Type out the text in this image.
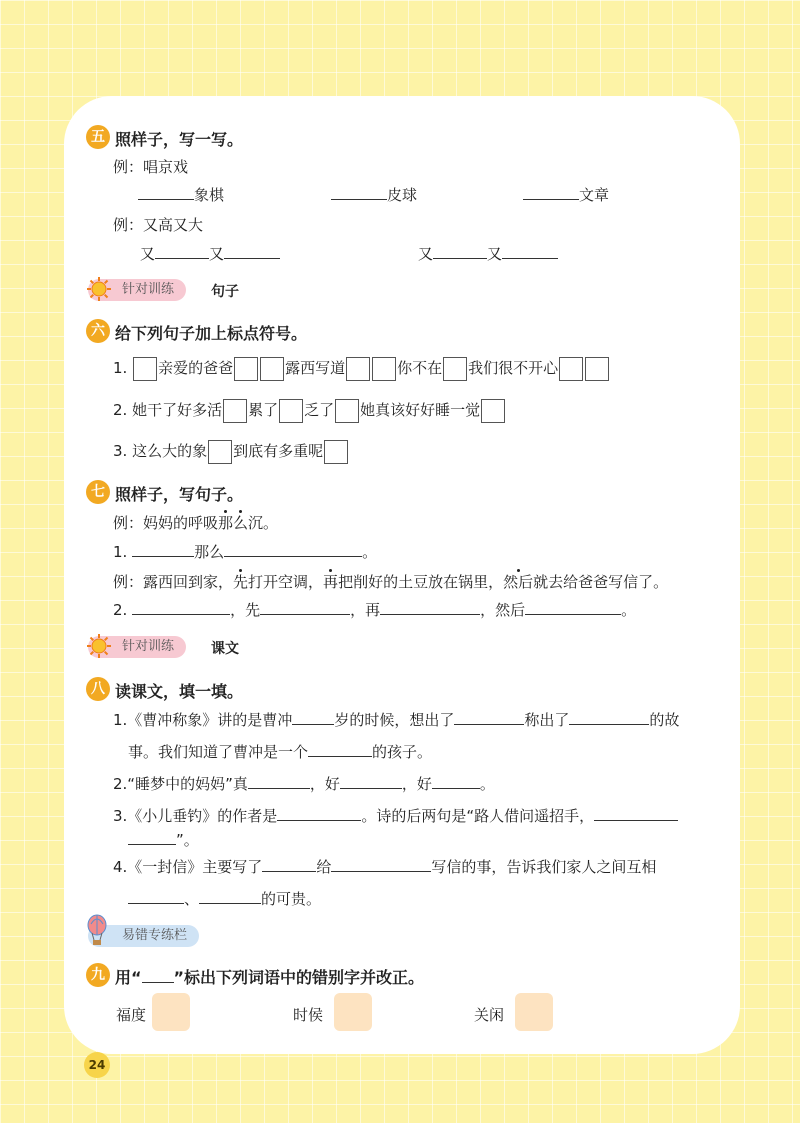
五 照样子，写一写。
例：唱京戏
象棋	皮球	文章
例：又高又大
又	又	又	又
针对训练	句子
六 给下列句子加上标点符号。
1. 亲爱的爸爸	露西写道	你不在 我们很不开心
2. 她干了好多活 累了 乏了 她真该好好睡一觉
3. 这么大的象 到底有多重呢
七 照样子，写句子。
例：妈妈的呼吸那么沉。
1.	那么	。
例：露西回到家，先打开空调，再把削好的土豆放在锅里，然后就去给爸爸写信了。
2.	，先	，再	，然后	。
针对训练	课文
八 读课文，填一填。
1.《曹冲称象》讲的是曹冲	岁的时候，想出了	称出了	的故
事。我们知道了曹冲是一个	的孩子。
2.“睡梦中的妈妈”真	，好	，好	。
3.《小儿垂钓》的作者是	。诗的后两句是“路人借问遥招手，
”。
4.《一封信》主要写了	给	写信的事，告诉我们家人之间互相
、	的可贵。
易错专练栏
九 用“ ”标出下列词语中的错别字并改正。
福度	时侯	关闲
24
